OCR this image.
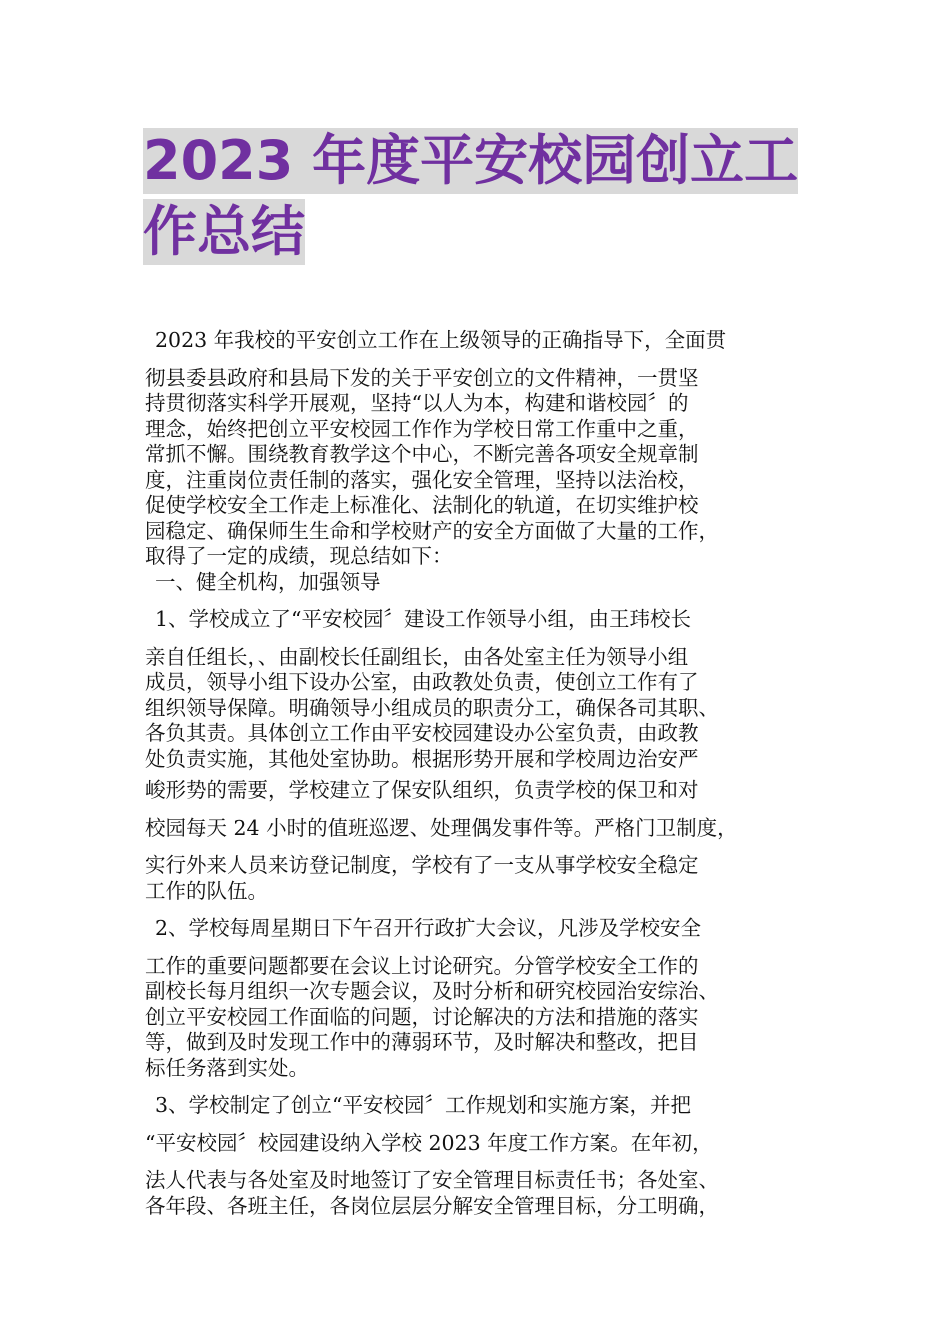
2023 年度平安校园创立工
作总结
2023 年我校的平安创立工作在上级领导的正确指导下，全面贯
彻县委县政府和县局下发的关于平安创立的文件精神，一贯坚
持贯彻落实科学开展观，坚持“以人为本，构建和谐校园〞的
理念，始终把创立平安校园工作作为学校日常工作重中之重，
常抓不懈。围绕教育教学这个中心，不断完善各项安全规章制
度，注重岗位责任制的落实，强化安全管理，坚持以法治校，
促使学校安全工作走上标准化、法制化的轨道，在切实维护校
园稳定、确保师生生命和学校财产的安全方面做了大量的工作，
取得了一定的成绩，现总结如下：
一、健全机构，加强领导
1、学校成立了“平安校园〞建设工作领导小组，由王玮校长
亲自任组长，、由副校长任副组长，由各处室主任为领导小组
成员，领导小组下设办公室，由政教处负责，使创立工作有了
组织领导保障。明确领导小组成员的职责分工，确保各司其职、
各负其责。具体创立工作由平安校园建设办公室负责，由政教
处负责实施，其他处室协助。根据形势开展和学校周边治安严
峻形势的需要，学校建立了保安队组织，负责学校的保卫和对
校园每天 24 小时的值班巡逻、处理偶发事件等。严格门卫制度，
实行外来人员来访登记制度，学校有了一支从事学校安全稳定
工作的队伍。
2、学校每周星期日下午召开行政扩大会议，凡涉及学校安全
工作的重要问题都要在会议上讨论研究。分管学校安全工作的
副校长每月组织一次专题会议，及时分析和研究校园治安综治、
创立平安校园工作面临的问题，讨论解决的方法和措施的落实
等，做到及时发现工作中的薄弱环节，及时解决和整改，把目
标任务落到实处。
3、学校制定了创立“平安校园〞工作规划和实施方案，并把
“平安校园〞校园建设纳入学校 2023 年度工作方案。在年初，
法人代表与各处室及时地签订了安全管理目标责任书；各处室、
各年段、各班主任，各岗位层层分解安全管理目标，分工明确，
